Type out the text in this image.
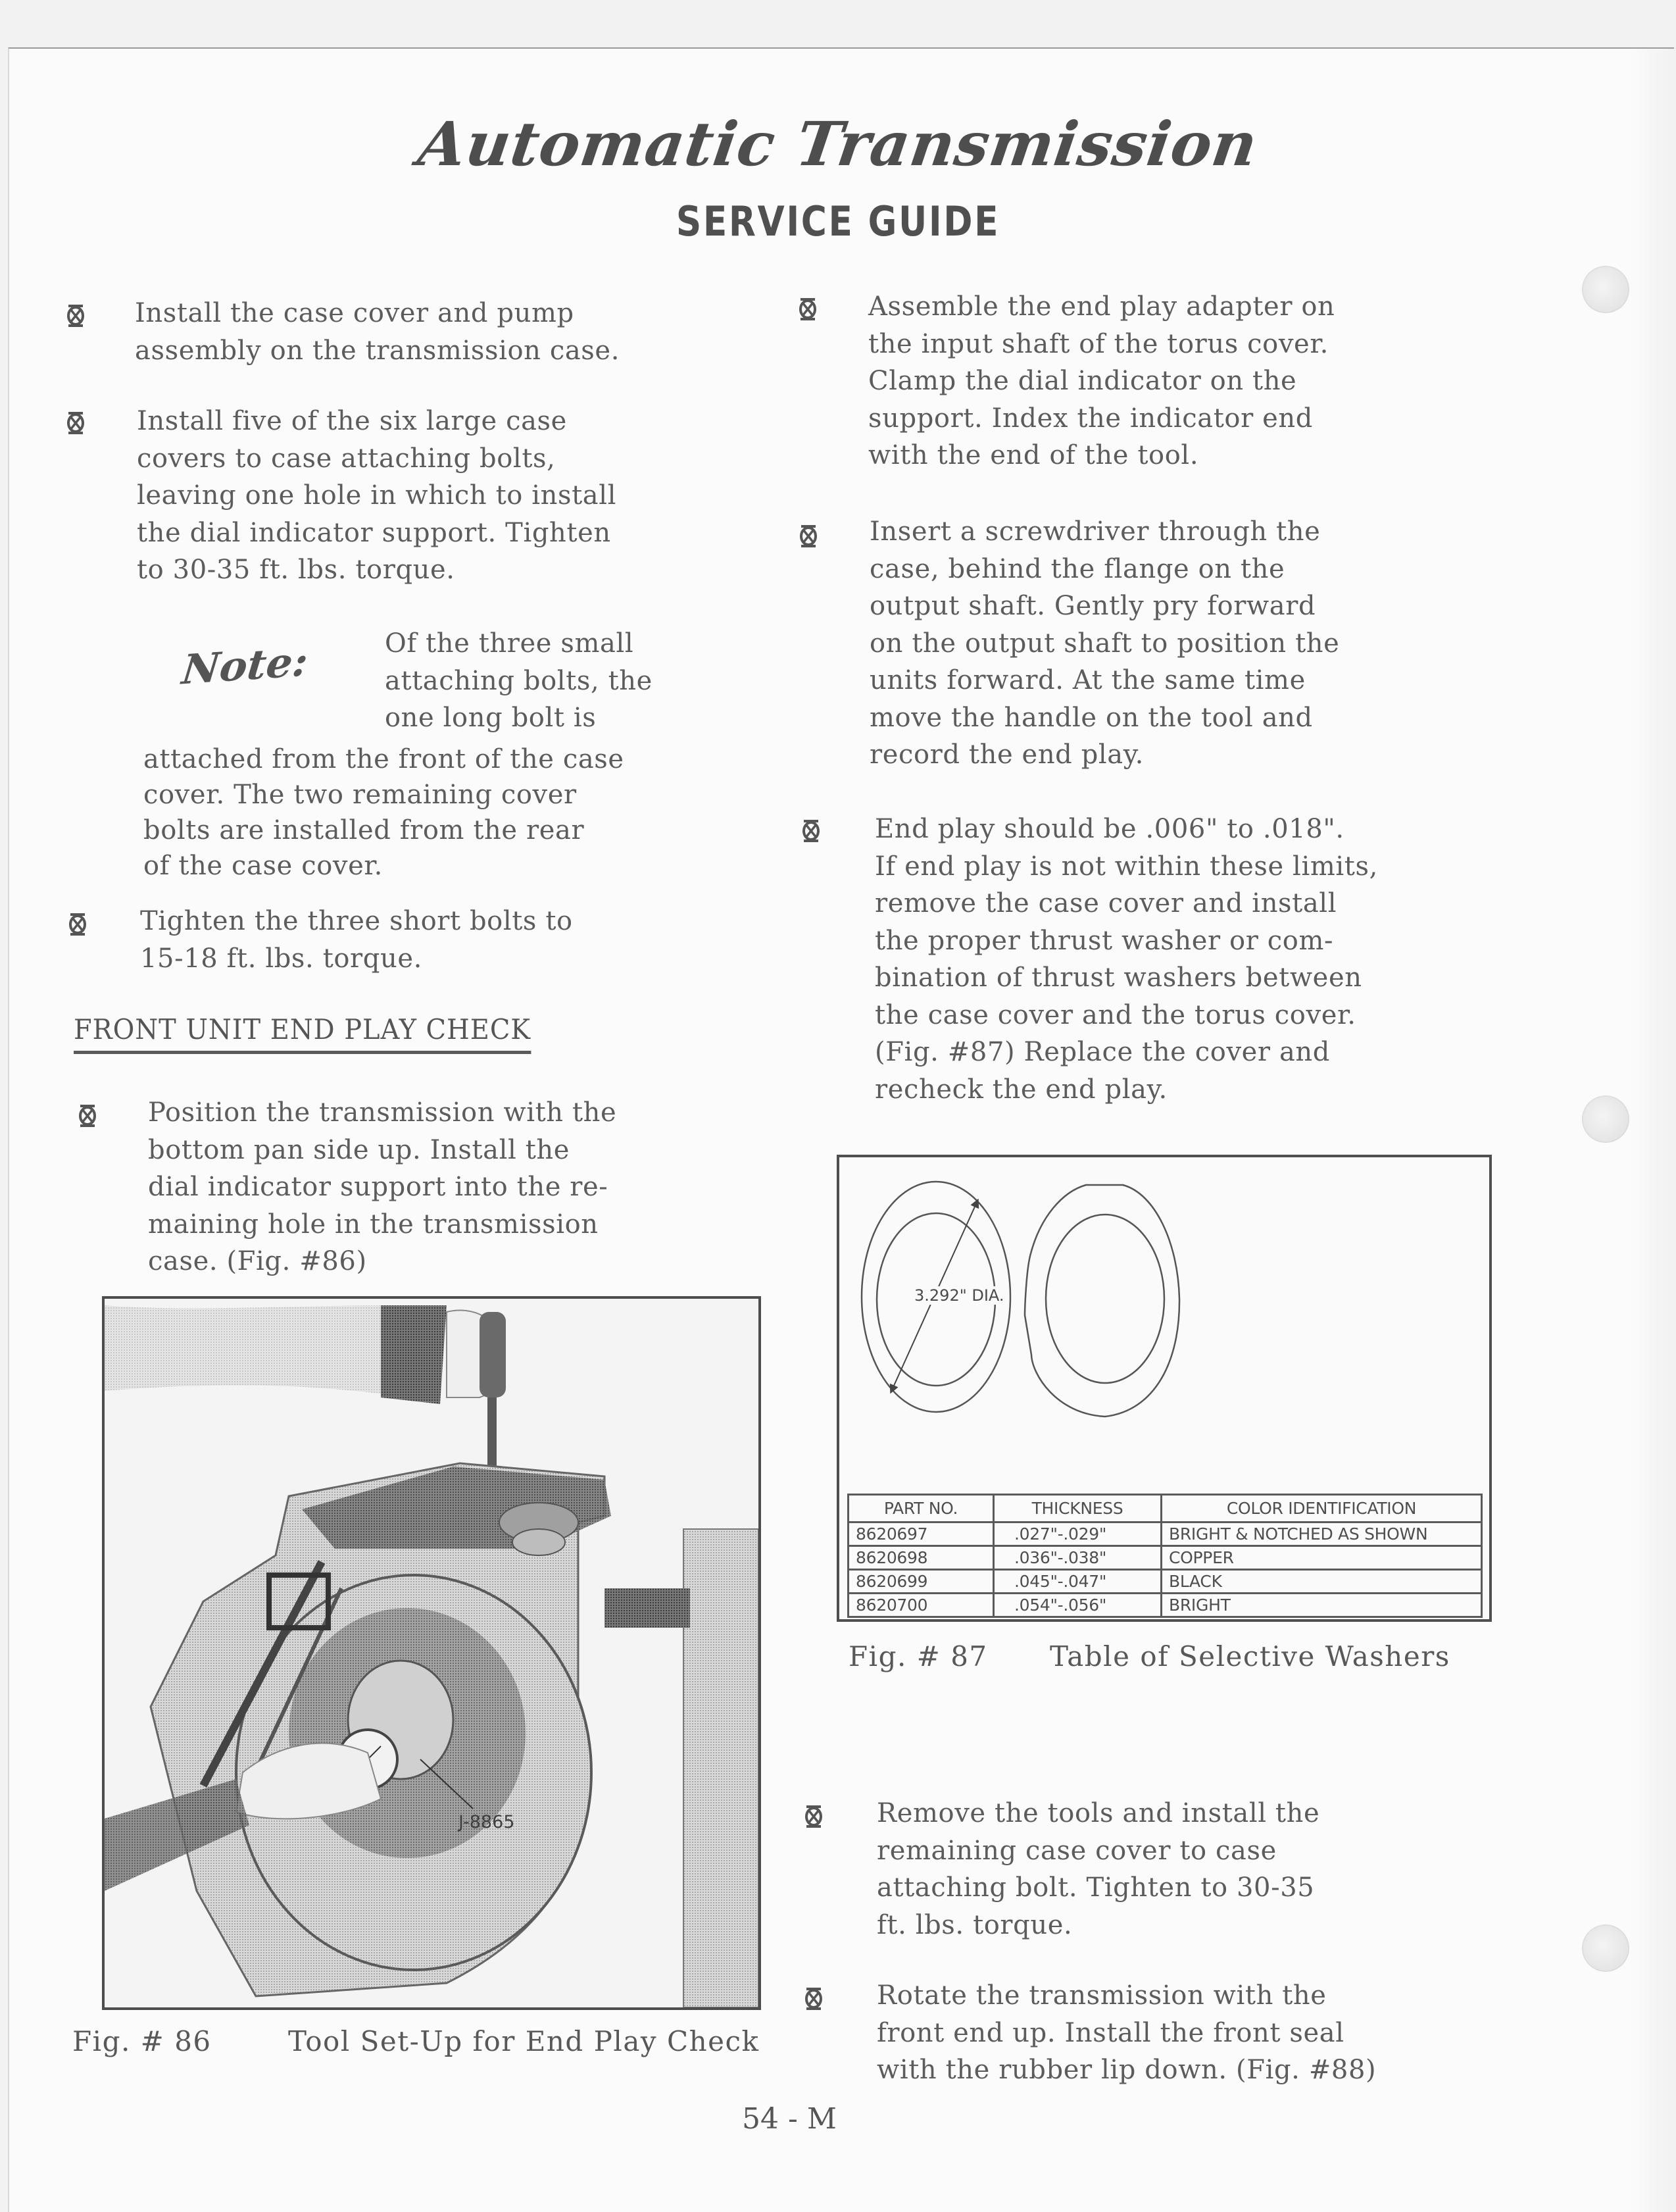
Automatic Transmission
SERVICE GUIDE
Install the case cover and pump
assembly on the transmission case.
Install five of the six large case
covers to case attaching bolts,
leaving one hole in which to install
the dial indicator support. Tighten
to 30-35 ft. lbs. torque.
Note:	Of the three small
attaching bolts, the
one long bolt is
attached from the front of the case
cover. The two remaining cover
bolts are installed from the rear
of the case cover.
Tighten the three short bolts to
15-18 ft. lbs. torque.
FRONT UNIT END PLAY CHECK
Position the transmission with the
bottom pan side up. Install the
dial indicator support into the re-
maining hole in the transmission
case. (Fig. #86)
J-8865
Fig. # 86	Tool Set-Up for End Play Check
Assemble the end play adapter on
the input shaft of the torus cover.
Clamp the dial indicator on the
support. Index the indicator end
with the end of the tool.
Insert a screwdriver through the
case, behind the flange on the
output shaft. Gently pry forward
on the output shaft to position the
units forward. At the same time
move the handle on the tool and
record the end play.
End play should be .006" to .018".
If end play is not within these limits,
remove the case cover and install
the proper thrust washer or com-
bination of thrust washers between
the case cover and the torus cover.
(Fig. #87) Replace the cover and
recheck the end play.
3.292" DIA.
PART NO.	THICKNESS	COLOR IDENTIFICATION
8620697	.027"-.029"	BRIGHT & NOTCHED AS SHOWN
8620698	.036"-.038"	COPPER
8620699	.045"-.047"	BLACK
8620700	.054"-.056"	BRIGHT
Fig. # 87 Table of Selective Washers
Remove the tools and install the
remaining case cover to case
attaching bolt. Tighten to 30-35
ft. lbs. torque.
Rotate the transmission with the
front end up. Install the front seal
with the rubber lip down. (Fig. #88)
54 - M
